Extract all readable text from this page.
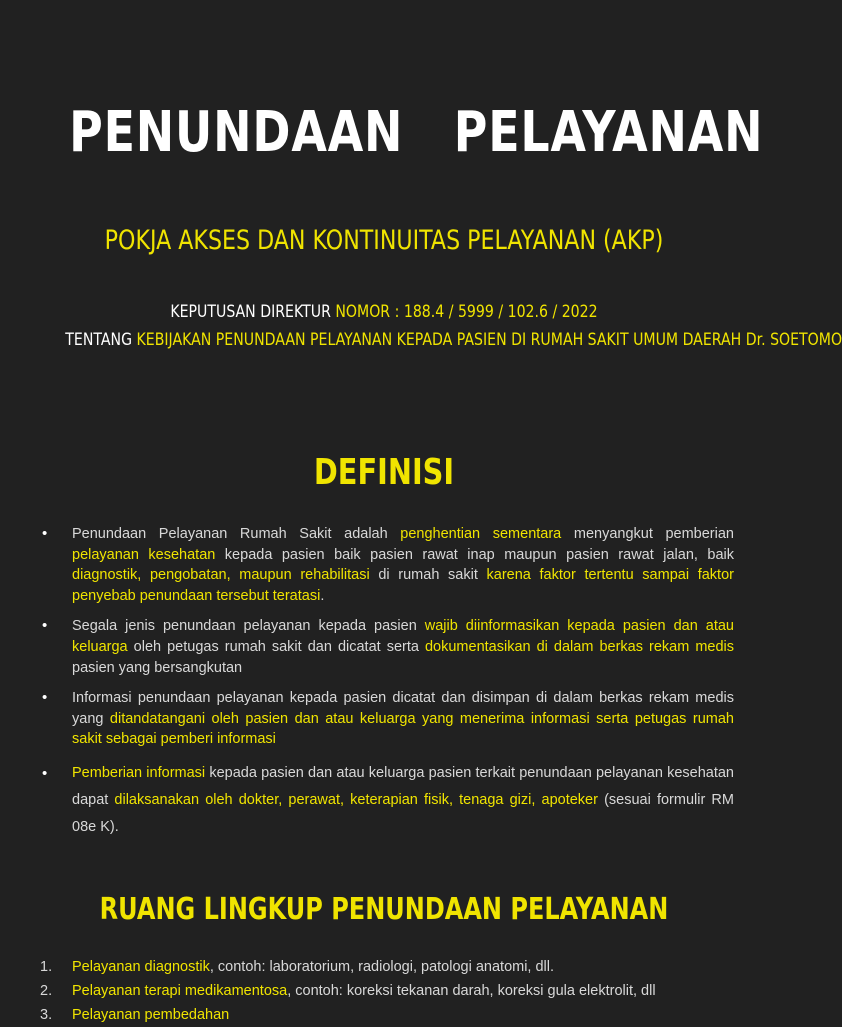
PENUNDAAN   PELAYANAN
POKJA AKSES DAN KONTINUITAS PELAYANAN (AKP)
KEPUTUSAN DIREKTUR NOMOR : 188.4 / 5999 / 102.6 / 2022
TENTANG KEBIJAKAN PENUNDAAN PELAYANAN KEPADA PASIEN DI RUMAH SAKIT UMUM DAERAH Dr. SOETOMO
DEFINISI
• Penundaan Pelayanan Rumah Sakit adalah penghentian sementara menyangkut pemberian pelayanan kesehatan kepada pasien baik pasien rawat inap maupun pasien rawat jalan, baik diagnostik, pengobatan, maupun rehabilitasi di rumah sakit karena faktor tertentu sampai faktor penyebab penundaan tersebut teratasi.
• Segala jenis penundaan pelayanan kepada pasien wajib diinformasikan kepada pasien dan atau keluarga oleh petugas rumah sakit dan dicatat serta dokumentasikan di dalam berkas rekam medis pasien yang bersangkutan
• Informasi penundaan pelayanan kepada pasien dicatat dan disimpan di dalam berkas rekam medis yang ditandatangani oleh pasien dan atau keluarga yang menerima informasi serta petugas rumah sakit sebagai pemberi informasi
• Pemberian informasi kepada pasien dan atau keluarga pasien terkait penundaan pelayanan kesehatan dapat dilaksanakan oleh dokter, perawat, keterapian fisik, tenaga gizi, apoteker (sesuai formulir RM 08e K).
RUANG LINGKUP PENUNDAAN PELAYANAN
1. Pelayanan diagnostik, contoh: laboratorium, radiologi, patologi anatomi, dll.
2. Pelayanan terapi medikamentosa, contoh: koreksi tekanan darah, koreksi gula elektrolit, dll
3. Pelayanan pembedahan
